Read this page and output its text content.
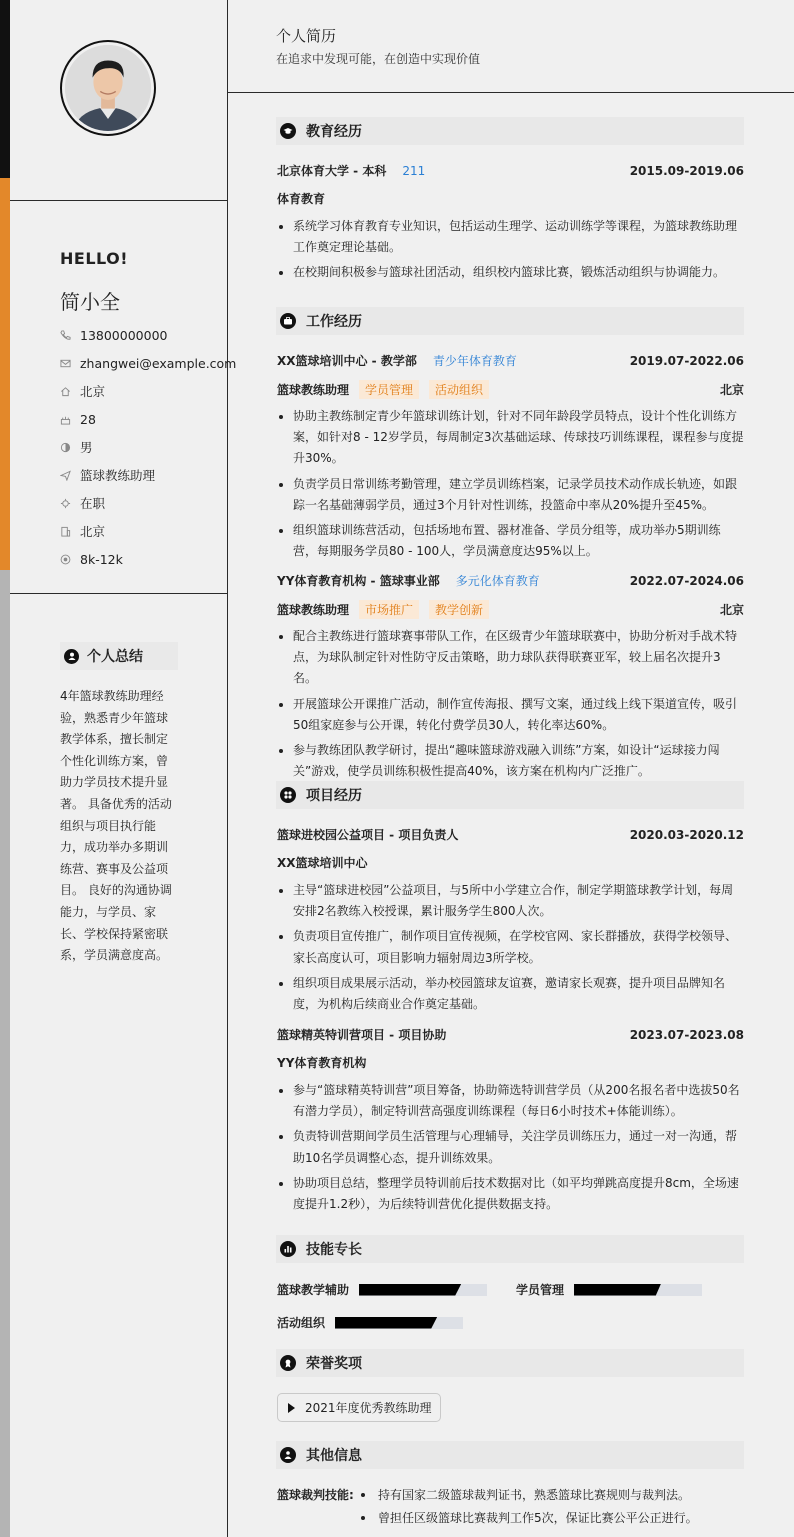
HELLO!
简小全
13800000000
zhangwei@example.com
北京
28
男
篮球教练助理
在职
北京
8k-12k
个人总结
4年篮球教练助理经验，熟悉青少年篮球教学体系，擅长制定个性化训练方案，曾助力学员技术提升显著。 具备优秀的活动组织与项目执行能力，成功举办多期训练营、赛事及公益项目。 良好的沟通协调能力，与学员、家长、学校保持紧密联系，学员满意度高。
个人简历
在追求中发现可能，在创造中实现价值
教育经历
北京体育大学 - 本科 211	2015.09-2019.06
体育教育
系统学习体育教育专业知识，包括运动生理学、运动训练学等课程，为篮球教练助理工作奠定理论基础。
在校期间积极参与篮球社团活动，组织校内篮球比赛，锻炼活动组织与协调能力。
工作经历
XX篮球培训中心 - 教学部 青少年体育教育	2019.07-2022.06
篮球教练助理	学员管理	活动组织	北京
协助主教练制定青少年篮球训练计划，针对不同年龄段学员特点，设计个性化训练方案，如针对8 - 12岁学员，每周制定3次基础运球、传球技巧训练课程，课程参与度提升30%。
负责学员日常训练考勤管理，建立学员训练档案，记录学员技术动作成长轨迹，如跟踪一名基础薄弱学员，通过3个月针对性训练，投篮命中率从20%提升至45%。
组织篮球训练营活动，包括场地布置、器材准备、学员分组等，成功举办5期训练营，每期服务学员80 - 100人，学员满意度达95%以上。
YY体育教育机构 - 篮球事业部 多元化体育教育	2022.07-2024.06
篮球教练助理	市场推广	教学创新	北京
配合主教练进行篮球赛事带队工作，在区级青少年篮球联赛中，协助分析对手战术特点，为球队制定针对性防守反击策略，助力球队获得联赛亚军，较上届名次提升3名。
开展篮球公开课推广活动，制作宣传海报、撰写文案，通过线上线下渠道宣传，吸引50组家庭参与公开课，转化付费学员30人，转化率达60%。
参与教练团队教学研讨，提出“趣味篮球游戏融入训练”方案，如设计“运球接力闯关”游戏，使学员训练积极性提高40%，该方案在机构内广泛推广。
项目经历
篮球进校园公益项目 - 项目负责人	2020.03-2020.12
XX篮球培训中心
主导“篮球进校园”公益项目，与5所中小学建立合作，制定学期篮球教学计划，每周安排2名教练入校授课，累计服务学生800人次。
负责项目宣传推广，制作项目宣传视频，在学校官网、家长群播放，获得学校领导、家长高度认可，项目影响力辐射周边3所学校。
组织项目成果展示活动，举办校园篮球友谊赛，邀请家长观赛，提升项目品牌知名度，为机构后续商业合作奠定基础。
篮球精英特训营项目 - 项目协助	2023.07-2023.08
YY体育教育机构
参与“篮球精英特训营”项目筹备，协助筛选特训营学员（从200名报名者中选拔50名有潜力学员），制定特训营高强度训练课程（每日6小时技术+体能训练）。
负责特训营期间学员生活管理与心理辅导，关注学员训练压力，通过一对一沟通，帮助10名学员调整心态，提升训练效果。
协助项目总结，整理学员特训前后技术数据对比（如平均弹跳高度提升8cm，全场速度提升1.2秒），为后续特训营优化提供数据支持。
技能专长
篮球教学辅助	学员管理
活动组织
荣誉奖项
2021年度优秀教练助理
其他信息
篮球裁判技能:	持有国家二级篮球裁判证书，熟悉篮球比赛规则与裁判法。
曾担任区级篮球比赛裁判工作5次，保证比赛公平公正进行。
